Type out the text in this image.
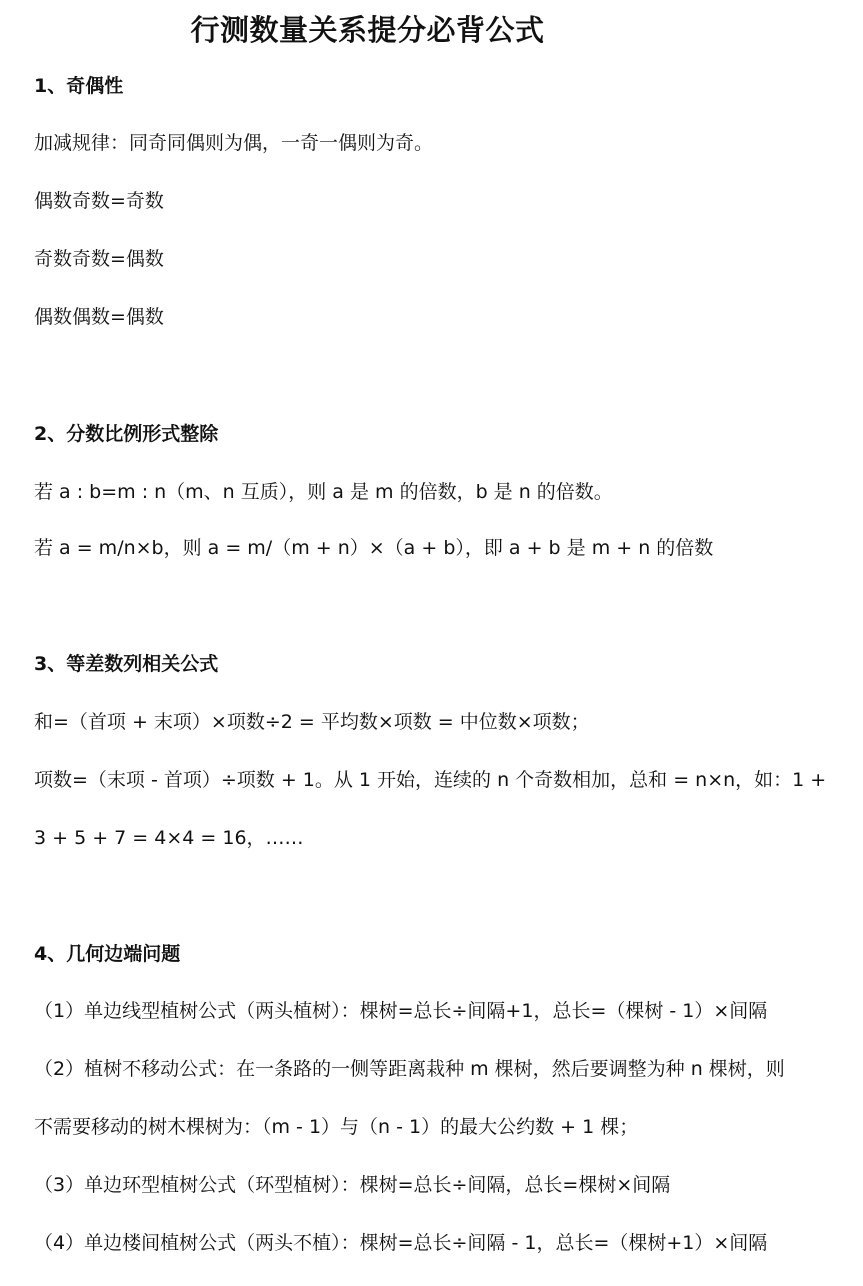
行测数量关系提分必背公式
1、奇偶性
加减规律：同奇同偶则为偶，一奇一偶则为奇。
偶数奇数=奇数
奇数奇数=偶数
偶数偶数=偶数
2、分数比例形式整除
若 a : b=m : n（m、n 互质），则 a 是 m 的倍数，b 是 n 的倍数。
若 a = m/n×b，则 a = m/（m + n）×（a + b），即 a + b 是 m + n 的倍数
3、等差数列相关公式
和=（首项 + 末项）×项数÷2 = 平均数×项数 = 中位数×项数；
项数=（末项 - 首项）÷项数 + 1。从 1 开始，连续的 n 个奇数相加，总和 = n×n，如：1 +
3 + 5 + 7 = 4×4 = 16，……
4、几何边端问题
（1）单边线型植树公式（两头植树）：棵树=总长÷间隔+1，总长=（棵树 - 1）×间隔
（2）植树不移动公式：在一条路的一侧等距离栽种 m 棵树，然后要调整为种 n 棵树，则
不需要移动的树木棵树为：（m - 1）与（n - 1）的最大公约数 + 1 棵；
（3）单边环型植树公式（环型植树）：棵树=总长÷间隔，总长=棵树×间隔
（4）单边楼间植树公式（两头不植）：棵树=总长÷间隔 - 1，总长=（棵树+1）×间隔
